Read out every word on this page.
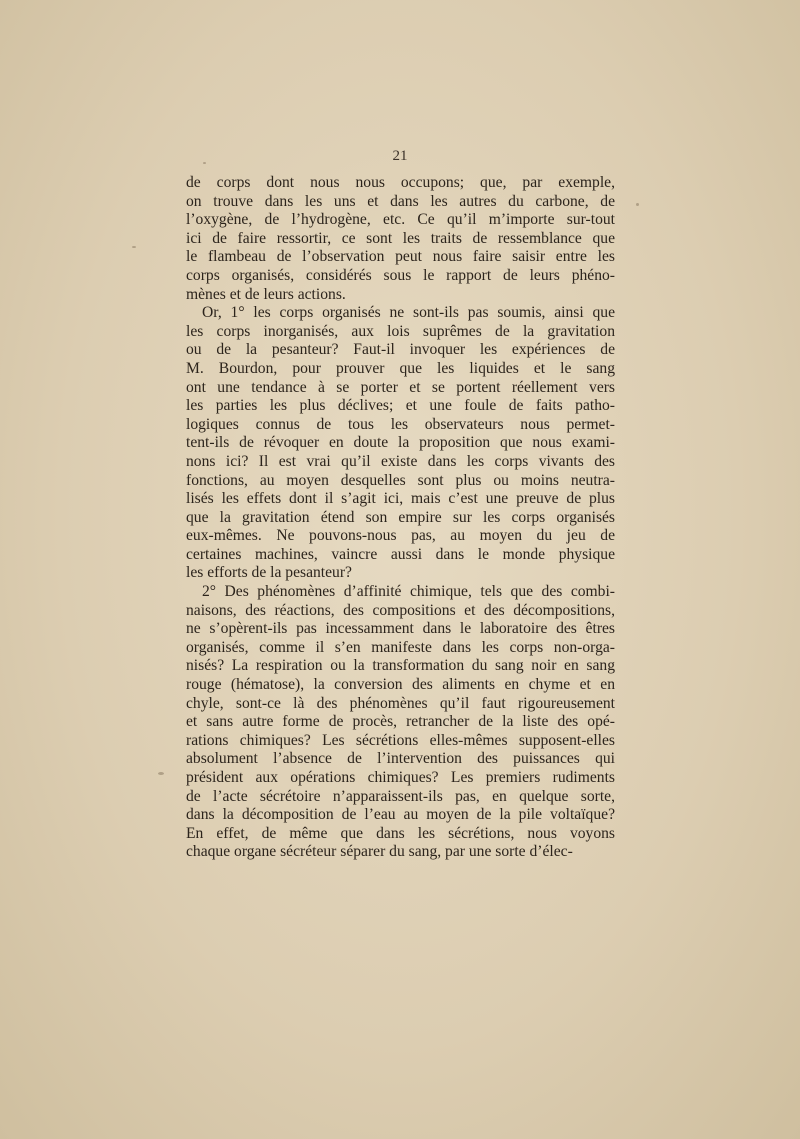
21
de corps dont nous nous occupons; que, par exemple,
on trouve dans les uns et dans les autres du carbone, de
l’oxygène, de l’hydrogène, etc. Ce qu’il m’importe sur-tout
ici de faire ressortir, ce sont les traits de ressemblance que
le flambeau de l’observation peut nous faire saisir entre les
corps organisés, considérés sous le rapport de leurs phéno-
mènes et de leurs actions.
Or, 1° les corps organisés ne sont-ils pas soumis, ainsi que
les corps inorganisés, aux lois suprêmes de la gravitation
ou de la pesanteur? Faut-il invoquer les expériences de
M. Bourdon, pour prouver que les liquides et le sang
ont une tendance à se porter et se portent réellement vers
les parties les plus déclives; et une foule de faits patho-
logiques connus de tous les observateurs nous permet-
tent-ils de révoquer en doute la proposition que nous exami-
nons ici? Il est vrai qu’il existe dans les corps vivants des
fonctions, au moyen desquelles sont plus ou moins neutra-
lisés les effets dont il s’agit ici, mais c’est une preuve de plus
que la gravitation étend son empire sur les corps organisés
eux-mêmes. Ne pouvons-nous pas, au moyen du jeu de
certaines machines, vaincre aussi dans le monde physique
les efforts de la pesanteur?
2° Des phénomènes d’affinité chimique, tels que des combi-
naisons, des réactions, des compositions et des décompositions,
ne s’opèrent-ils pas incessamment dans le laboratoire des êtres
organisés, comme il s’en manifeste dans les corps non-orga-
nisés? La respiration ou la transformation du sang noir en sang
rouge (hématose), la conversion des aliments en chyme et en
chyle, sont-ce là des phénomènes qu’il faut rigoureusement
et sans autre forme de procès, retrancher de la liste des opé-
rations chimiques? Les sécrétions elles-mêmes supposent-elles
absolument l’absence de l’intervention des puissances qui
président aux opérations chimiques? Les premiers rudiments
de l’acte sécrétoire n’apparaissent-ils pas, en quelque sorte,
dans la décomposition de l’eau au moyen de la pile voltaïque?
En effet, de même que dans les sécrétions, nous voyons
chaque organe sécréteur séparer du sang, par une sorte d’élec-
